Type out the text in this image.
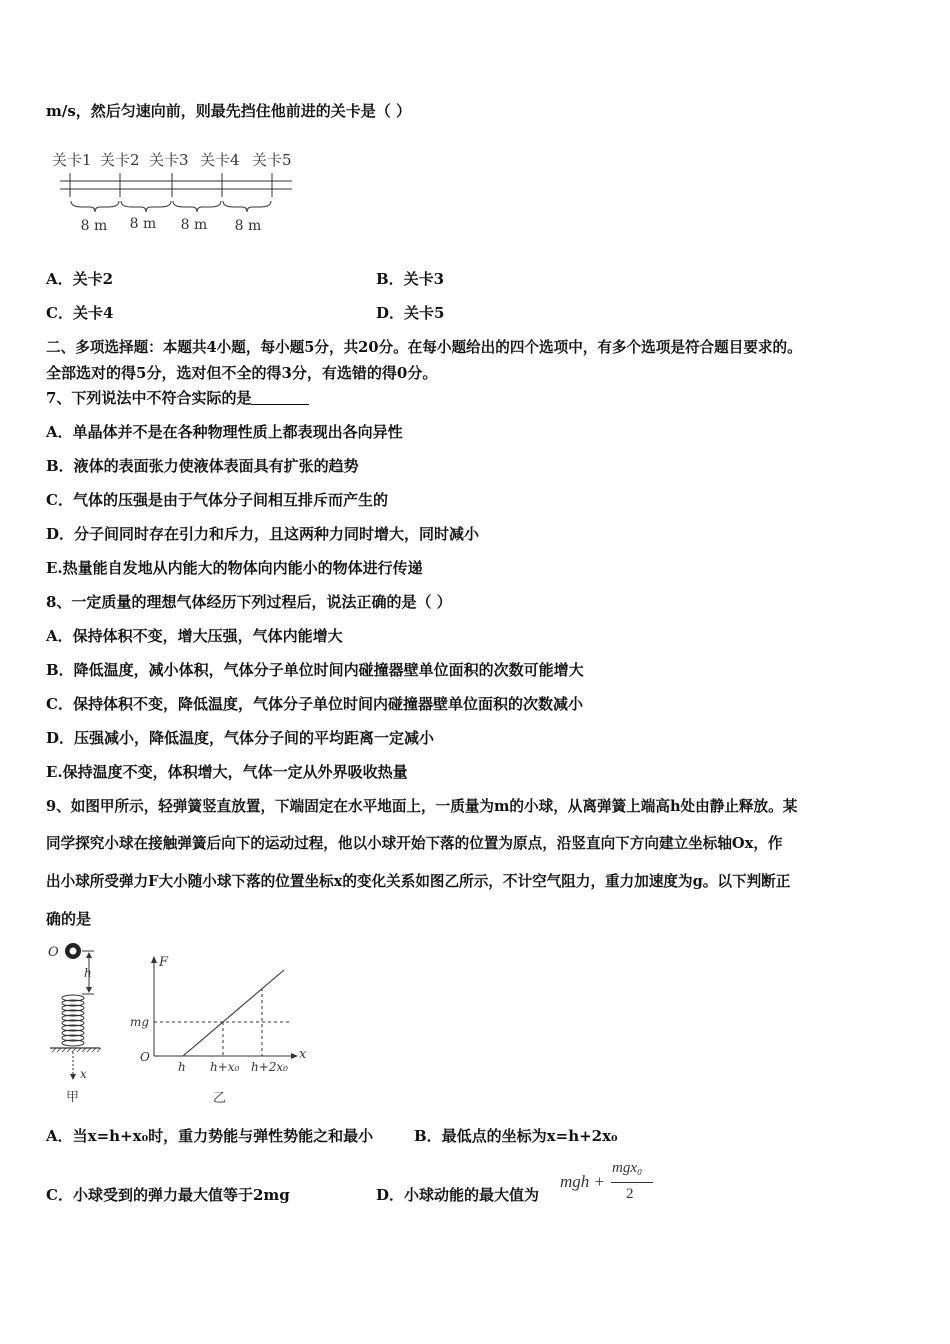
m/s，然后匀速向前，则最先挡住他前进的关卡是（ ）
关卡1 关卡2 关卡3 关卡4 关卡5
8 m 8 m 8 m 8 m
A．关卡2	B．关卡3
C．关卡4	D．关卡5
二、多项选择题：本题共4小题，每小题5分，共20分。在每小题给出的四个选项中，有多个选项是符合题目要求的。
全部选对的得5分，选对但不全的得3分，有选错的得0分。
7、下列说法中不符合实际的是
A．单晶体并不是在各种物理性质上都表现出各向异性
B．液体的表面张力使液体表面具有扩张的趋势
C．气体的压强是由于气体分子间相互排斥而产生的
D．分子间同时存在引力和斥力，且这两种力同时增大，同时减小
E.热量能自发地从内能大的物体向内能小的物体进行传递
8、一定质量的理想气体经历下列过程后，说法正确的是（ ）
A．保持体积不变，增大压强，气体内能增大
B．降低温度，减小体积，气体分子单位时间内碰撞器壁单位面积的次数可能增大
C．保持体积不变，降低温度，气体分子单位时间内碰撞器壁单位面积的次数减小
D．压强减小，降低温度，气体分子间的平均距离一定减小
E.保持温度不变，体积增大，气体一定从外界吸收热量
9、如图甲所示，轻弹簧竖直放置，下端固定在水平地面上，一质量为m的小球，从离弹簧上端高h处由静止释放。某
同学探究小球在接触弹簧后向下的运动过程，他以小球开始下落的位置为原点，沿竖直向下方向建立坐标轴Ox，作
出小球所受弹力F大小随小球下落的位置坐标x的变化关系如图乙所示，不计空气阻力，重力加速度为g。以下判断正
确的是
O
h
x
甲
F
x
O
mg
h h+x₀ h+2x₀
乙
A．当x=h+x₀时，重力势能与弹性势能之和最小	B．最低点的坐标为x=h+2x₀
C．小球受到的弹力最大值等于2mg	D．小球动能的最大值为
mgh +
mgx₀
2
